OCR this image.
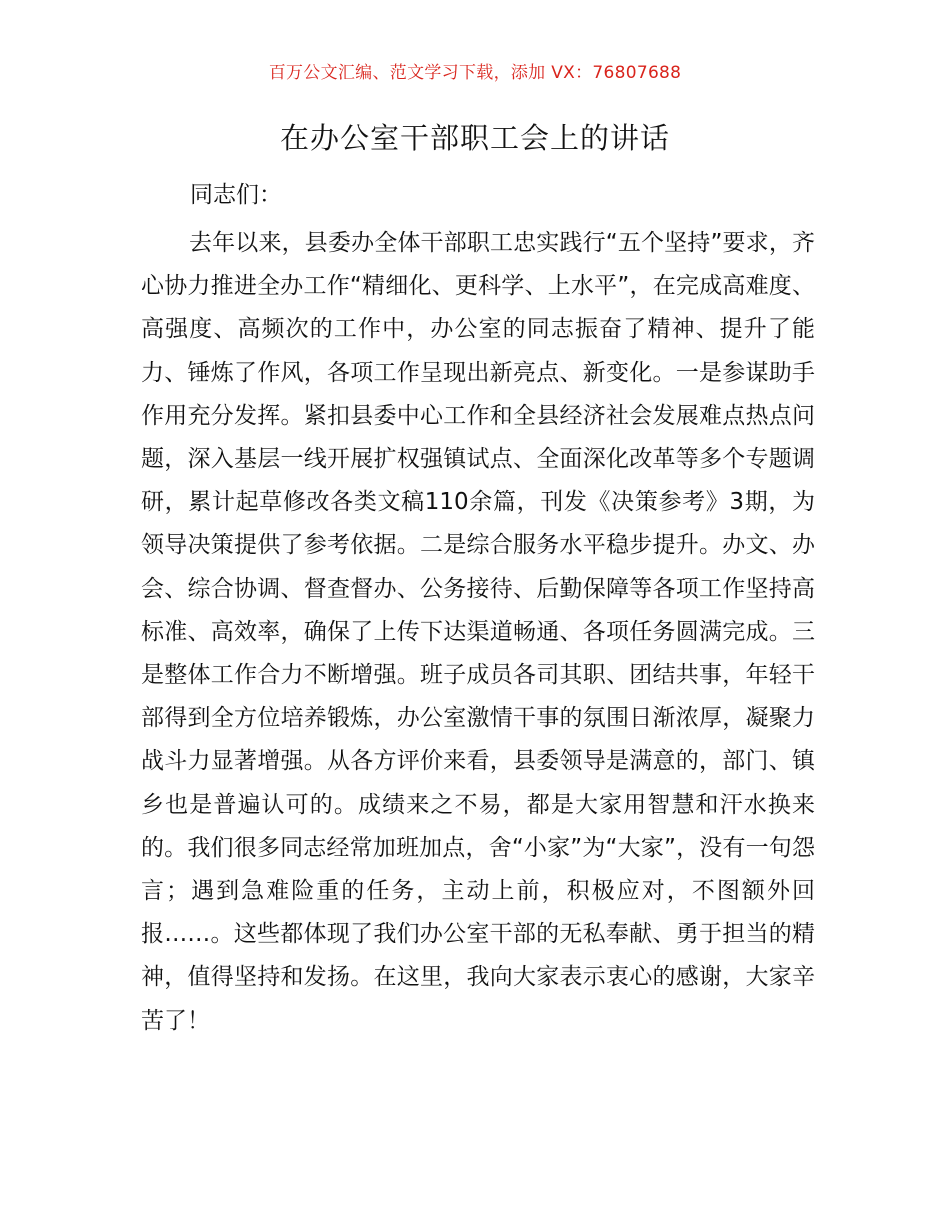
百万公文汇编、范文学习下载，添加 VX：76807688
在办公室干部职工会上的讲话
同志们：

去年以来，县委办全体干部职工忠实践行“五个坚持”要求，齐心协力推进全办工作“精细化、更科学、上水平”，在完成高难度、高强度、高频次的工作中，办公室的同志振奋了精神、提升了能力、锤炼了作风，各项工作呈现出新亮点、新变化。一是参谋助手作用充分发挥。紧扣县委中心工作和全县经济社会发展难点热点问题，深入基层一线开展扩权强镇试点、全面深化改革等多个专题调研，累计起草修改各类文稿110余篇，刊发《决策参考》3期，为领导决策提供了参考依据。二是综合服务水平稳步提升。办文、办会、综合协调、督查督办、公务接待、后勤保障等各项工作坚持高标准、高效率，确保了上传下达渠道畅通、各项任务圆满完成。三是整体工作合力不断增强。班子成员各司其职、团结共事，年轻干部得到全方位培养锻炼，办公室激情干事的氛围日渐浓厚，凝聚力战斗力显著增强。从各方评价来看，县委领导是满意的，部门、镇乡也是普遍认可的。成绩来之不易，都是大家用智慧和汗水换来的。我们很多同志经常加班加点，舍“小家”为“大家”，没有一句怨言；遇到急难险重的任务，主动上前，积极应对，不图额外回报……。这些都体现了我们办公室干部的无私奉献、勇于担当的精神，值得坚持和发扬。在这里，我向大家表示衷心的感谢，大家辛苦了！
